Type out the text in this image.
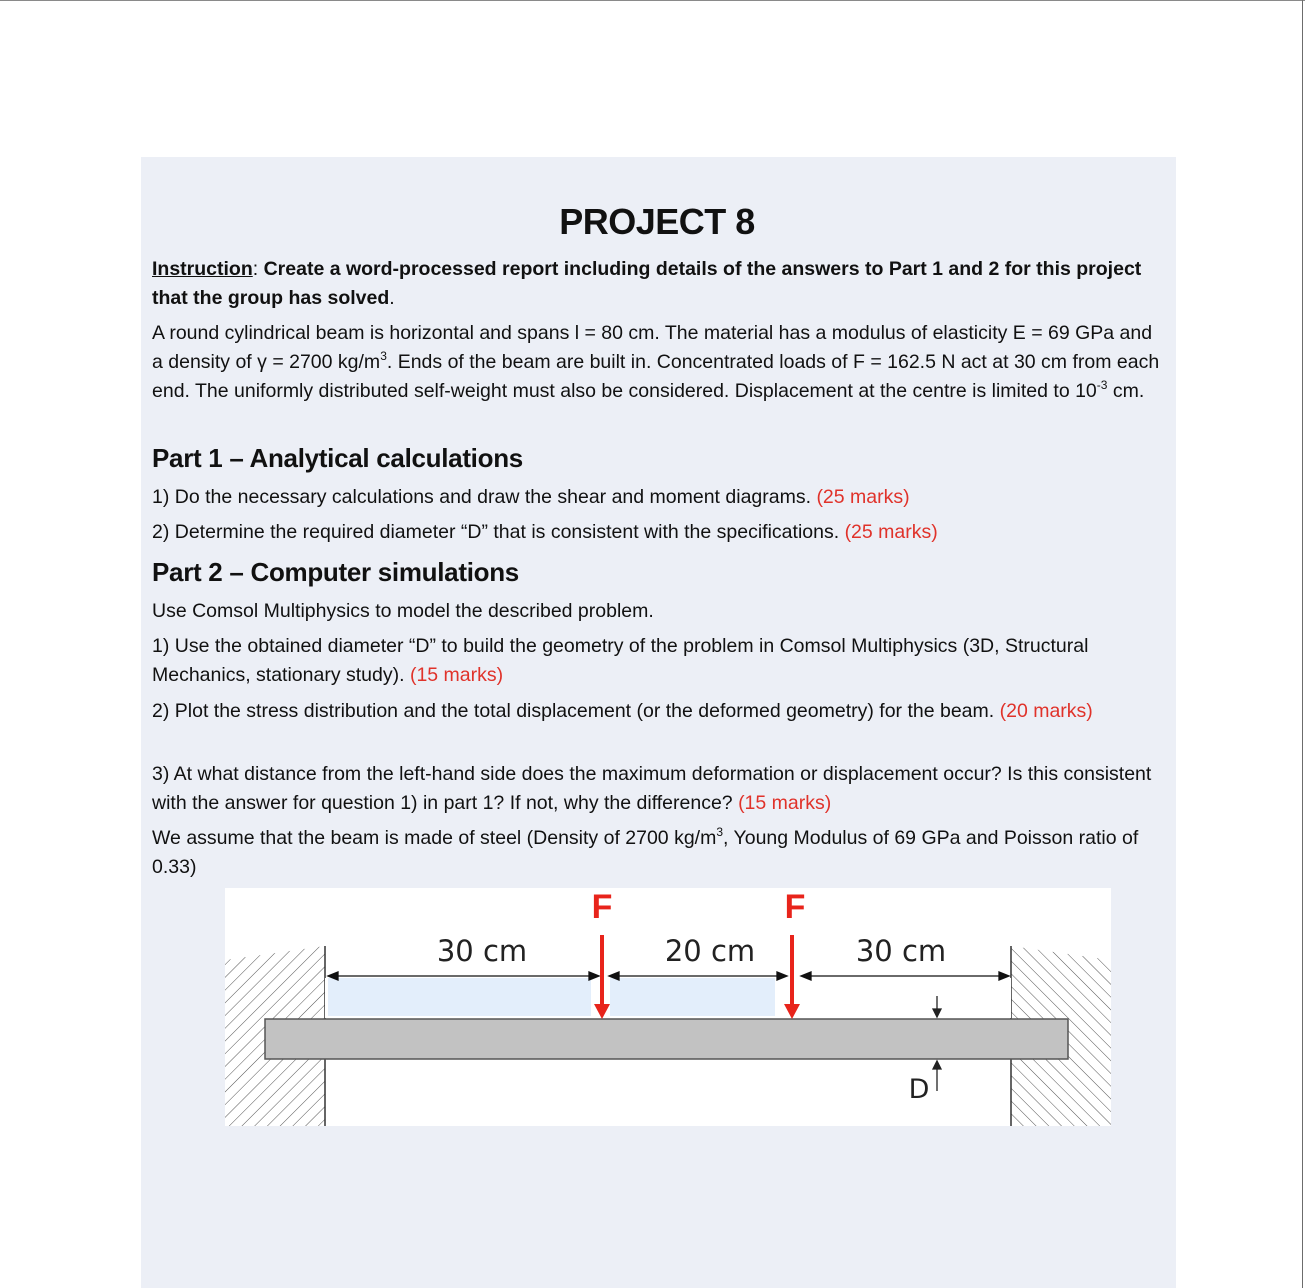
PROJECT 8

Instruction: Create a word-processed report including details of the answers to Part 1 and 2 for this project that the group has solved.

A round cylindrical beam is horizontal and spans l = 80 cm. The material has a modulus of elasticity E = 69 GPa and a density of γ = 2700 $kg/m^3$. Ends of the beam are built in. Concentrated loads of F = 162.5 N act at 30 cm from each end. The uniformly distributed self-weight must also be considered. Displacement at the centre is limited to $10^{-3}$ cm.

Part 1 – Analytical calculations

1) Do the necessary calculations and draw the shear and moment diagrams. (25 marks)

2) Determine the required diameter “D” that is consistent with the specifications. (25 marks)

Part 2 – Computer simulations

Use Comsol Multiphysics to model the described problem.

1) Use the obtained diameter “D” to build the geometry of the problem in Comsol Multiphysics (3D, Structural Mechanics, stationary study). (15 marks)

2) Plot the stress distribution and the total displacement (or the deformed geometry) for the beam. (20 marks)

3) At what distance from the left-hand side does the maximum deformation or displacement occur? Is this consistent with the answer for question 1) in part 1? If not, why the difference? (15 marks)

We assume that the beam is made of steel (Density of 2700 $kg/m^3$, Young Modulus of 69 GPa and Poisson ratio of 0.33)

F	F
30 cm	20 cm	30 cm
D
